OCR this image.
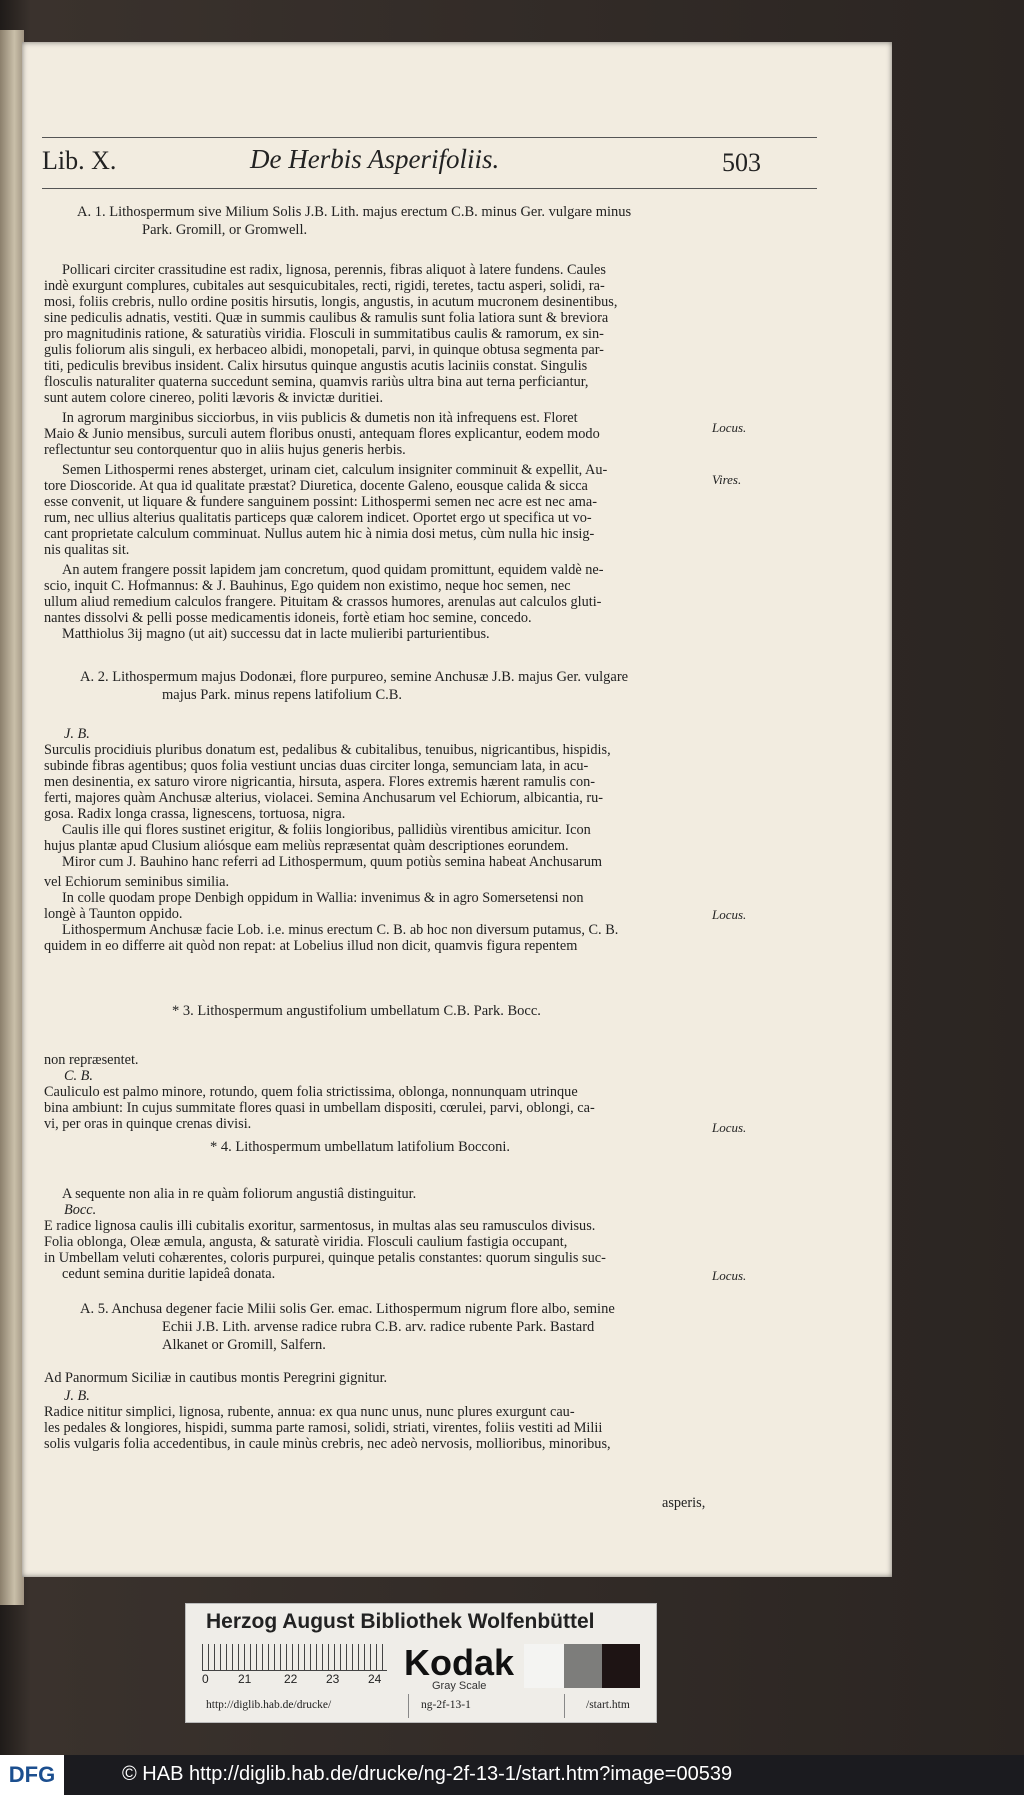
Lib. X.	De Herbis Asperifoliis.	503
A. 1. Lithospermum sive Milium Solis J.B. Lith. majus erectum C.B. minus Ger. vulgare minus
Park. Gromill, or Gromwell.
A. 2. Lithospermum majus Dodonæi, flore purpureo, semine Anchusæ J.B. majus Ger. vulgare
majus Park. minus repens latifolium C.B.
* 3. Lithospermum angustifolium umbellatum C.B. Park. Bocc.
* 4. Lithospermum umbellatum latifolium Bocconi.
A. 5. Anchusa degener facie Milii solis Ger. emac. Lithospermum nigrum flore albo, semine
Echii J.B. Lith. arvense radice rubra C.B. arv. radice rubente Park. Bastard
Alkanet or Gromill, Salfern.
Locus.
Vires.
Locus.
Locus.
Locus.
Pollicari circiter crassitudine est radix, lignosa, perennis, fibras aliquot à latere fundens. Caules
indè exurgunt complures, cubitales aut sesquicubitales, recti, rigidi, teretes, tactu asperi, solidi, ra-
mosi, foliis crebris, nullo ordine positis hirsutis, longis, angustis, in acutum mucronem desinentibus,
sine pediculis adnatis, vestiti. Quæ in summis caulibus & ramulis sunt folia latiora sunt & breviora
pro magnitudinis ratione, & saturatiùs viridia. Flosculi in summitatibus caulis & ramorum, ex sin-
gulis foliorum alis singuli, ex herbaceo albidi, monopetali, parvi, in quinque obtusa segmenta par-
titi, pediculis brevibus insident. Calix hirsutus quinque angustis acutis laciniis constat. Singulis
flosculis naturaliter quaterna succedunt semina, quamvis rariùs ultra bina aut terna perficiantur,
sunt autem colore cinereo, politi lævoris & invictæ duritiei.
In agrorum marginibus sicciorbus, in viis publicis & dumetis non ità infrequens est. Floret
Maio & Junio mensibus, surculi autem floribus onusti, antequam flores explicantur, eodem modo
reflectuntur seu contorquentur quo in aliis hujus generis herbis.
Semen Lithospermi renes absterget, urinam ciet, calculum insigniter comminuit & expellit, Au-
tore Dioscoride. At qua id qualitate præstat? Diuretica, docente Galeno, eousque calida & sicca
esse convenit, ut liquare & fundere sanguinem possint: Lithospermi semen nec acre est nec ama-
rum, nec ullius alterius qualitatis particeps quæ calorem indicet. Oportet ergo ut specifica ut vo-
cant proprietate calculum comminuat. Nullus autem hic à nimia dosi metus, cùm nulla hic insig-
nis qualitas sit.
An autem frangere possit lapidem jam concretum, quod quidam promittunt, equidem valdè ne-
scio, inquit C. Hofmannus: & J. Bauhinus, Ego quidem non existimo, neque hoc semen, nec
ullum aliud remedium calculos frangere. Pituitam & crassos humores, arenulas aut calculos gluti-
nantes dissolvi & pelli posse medicamentis idoneis, fortè etiam hoc semine, concedo.
Matthiolus 3ij magno (ut ait) successu dat in lacte mulieribi parturientibus.
J. B.
Surculis procidiuis pluribus donatum est, pedalibus & cubitalibus, tenuibus, nigricantibus, hispidis,
subinde fibras agentibus; quos folia vestiunt uncias duas circiter longa, semunciam lata, in acu-
men desinentia, ex saturo virore nigricantia, hirsuta, aspera. Flores extremis hærent ramulis con-
ferti, majores quàm Anchusæ alterius, violacei. Semina Anchusarum vel Echiorum, albicantia, ru-
gosa. Radix longa crassa, lignescens, tortuosa, nigra.
Caulis ille qui flores sustinet erigitur, & foliis longioribus, pallidiùs virentibus amicitur. Icon
hujus plantæ apud Clusium aliósque eam meliùs repræsentat quàm descriptiones eorundem.
Miror cum J. Bauhino hanc referri ad Lithospermum, quum potiùs semina habeat Anchusarum
vel Echiorum seminibus similia.
In colle quodam prope Denbigh oppidum in Wallia: invenimus & in agro Somersetensi non
longè à Taunton oppido.
Lithospermum Anchusæ facie Lob. i.e. minus erectum C. B. ab hoc non diversum putamus, C. B.
quidem in eo differre ait quòd non repat: at Lobelius illud non dicit, quamvis figura repentem
non repræsentet.
C. B.
Cauliculo est palmo minore, rotundo, quem folia strictissima, oblonga, nonnunquam utrinque
bina ambiunt: In cujus summitate flores quasi in umbellam dispositi, cœrulei, parvi, oblongi, ca-
vi, per oras in quinque crenas divisi.
A sequente non alia in re quàm foliorum angustiâ distinguitur.
Bocc.
E radice lignosa caulis illi cubitalis exoritur, sarmentosus, in multas alas seu ramusculos divisus.
Folia oblonga, Oleæ æmula, angusta, & saturatè viridia. Flosculi caulium fastigia occupant,
in Umbellam veluti cohærentes, coloris purpurei, quinque petalis constantes: quorum singulis suc-
cedunt semina duritie lapideâ donata.
Ad Panormum Siciliæ in cautibus montis Peregrini gignitur.
J. B.
Radice nititur simplici, lignosa, rubente, annua: ex qua nunc unus, nunc plures exurgunt cau-
les pedales & longiores, hispidi, summa parte ramosi, solidi, striati, virentes, foliis vestiti ad Milii
solis vulgaris folia accedentibus, in caule minùs crebris, nec adeò nervosis, mollioribus, minoribus,
asperis,
Herzog August Bibliothek Wolfenbüttel
0 21	22 23 24 Kodak
Gray Scale
http://diglib.hab.de/drucke/	ng-2f-13-1	/start.htm
DFG	© HAB http://diglib.hab.de/drucke/ng-2f-13-1/start.htm?image=00539
